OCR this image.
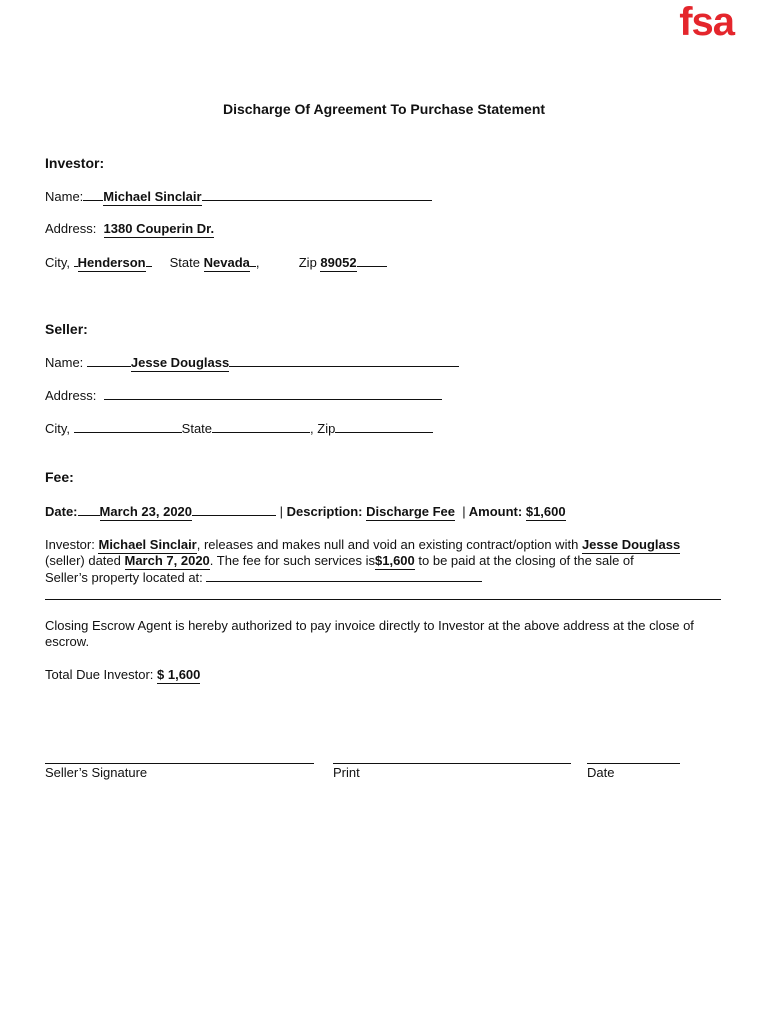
fsa
Discharge Of Agreement To Purchase Statement
Investor:
Name: Michael Sinclair
Address: 1380 Couperin Dr.
City, Henderson State Nevada ,	Zip 89052
Seller:
Name:	Jesse Douglass
Address:
City,	State	, Zip
Fee:
Date: March 23, 2020	| Description: Discharge Fee | Amount: $1,600
Investor: Michael Sinclair, releases and makes null and void an existing contract/option with Jesse Douglass
(seller) dated March 7, 2020. The fee for such services is$1,600 to be paid at the closing of the sale of
Seller’s property located at:
Closing Escrow Agent is hereby authorized to pay invoice directly to Investor at the above address at the close of escrow.
Total Due Investor: $ 1,600
Seller’s Signature	Print	Date
